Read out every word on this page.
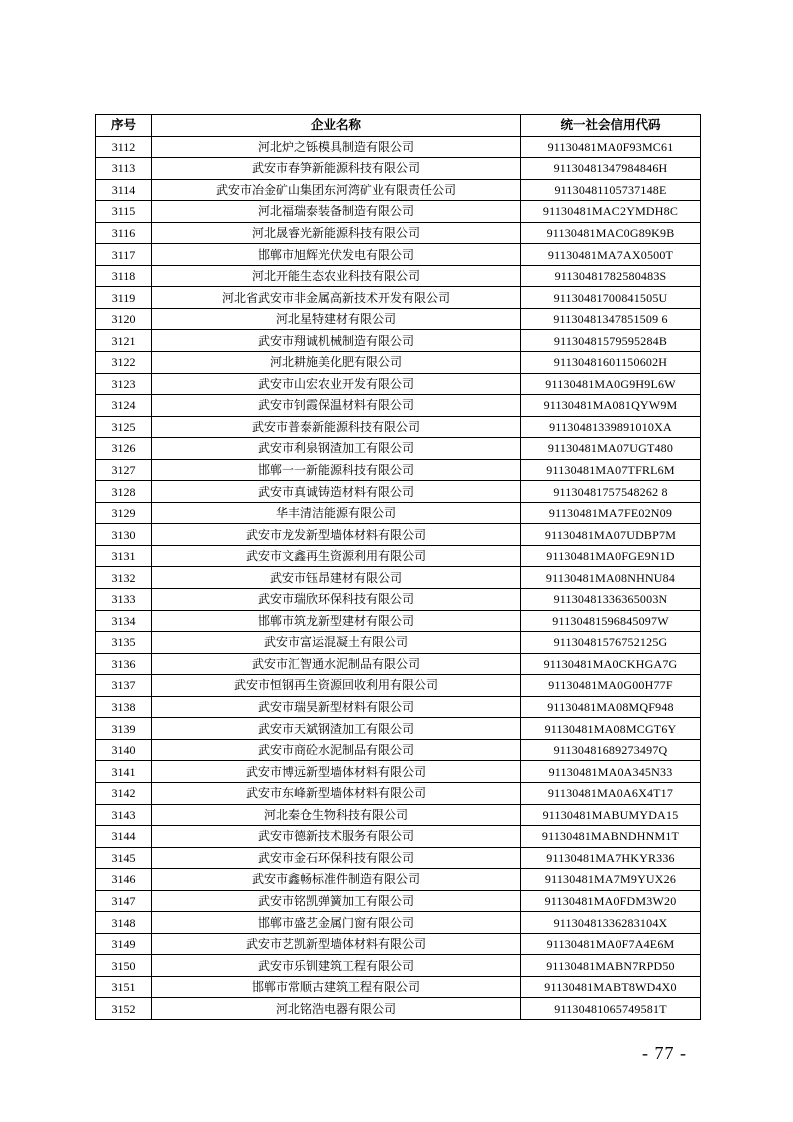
序号	企业名称	统一社会信用代码
3112	河北炉之铄模具制造有限公司	91130481MA0F93MC61
3113	武安市春笋新能源科技有限公司	91130481347984846H
3114	武安市冶金矿山集团东河湾矿业有限责任公司	91130481105737148E
3115	河北福瑞泰装备制造有限公司	91130481MAC2YMDH8C
3116	河北晟睿光新能源科技有限公司	91130481MAC0G89K9B
3117	邯郸市旭辉光伏发电有限公司	91130481MA7AX0500T
3118	河北开能生态农业科技有限公司	91130481782580483S
3119	河北省武安市非金属高新技术开发有限公司	91130481700841505U
3120	河北星特建材有限公司	91130481347851509 6
3121	武安市翔诚机械制造有限公司	91130481579595284B
3122	河北耕施美化肥有限公司	91130481601150602H
3123	武安市山宏农业开发有限公司	91130481MA0G9H9L6W
3124	武安市钊霞保温材料有限公司	91130481MA081QYW9M
3125	武安市普泰新能源科技有限公司	91130481339891010XA
3126	武安市利泉钢渣加工有限公司	91130481MA07UGT480
3127	邯郸一一新能源科技有限公司	91130481MA07TFRL6M
3128	武安市真诚铸造材料有限公司	91130481757548262 8
3129	华丰清洁能源有限公司	91130481MA7FE02N09
3130	武安市龙发新型墙体材料有限公司	91130481MA07UDBP7M
3131	武安市文鑫再生资源利用有限公司	91130481MA0FGE9N1D
3132	武安市钰昂建材有限公司	91130481MA08NHNU84
3133	武安市瑞欣环保科技有限公司	91130481336365003N
3134	邯郸市筑龙新型建材有限公司	91130481596845097W
3135	武安市富运混凝土有限公司	91130481576752125G
3136	武安市汇智通水泥制品有限公司	91130481MA0CKHGA7G
3137	武安市恒钢再生资源回收利用有限公司	91130481MA0G00H77F
3138	武安市瑞昊新型材料有限公司	91130481MA08MQF948
3139	武安市天斌钢渣加工有限公司	91130481MA08MCGT6Y
3140	武安市商砼水泥制品有限公司	91130481689273497Q
3141	武安市博远新型墙体材料有限公司	91130481MA0A345N33
3142	武安市东峰新型墙体材料有限公司	91130481MA0A6X4T17
3143	河北秦仓生物科技有限公司	91130481MABUMYDA15
3144	武安市德新技术服务有限公司	91130481MABNDHNM1T
3145	武安市金石环保科技有限公司	91130481MA7HKYR336
3146	武安市鑫畅标准件制造有限公司	91130481MA7M9YUX26
3147	武安市铭凯弹簧加工有限公司	91130481MA0FDM3W20
3148	邯郸市盛艺金属门窗有限公司	91130481336283104X
3149	武安市艺凯新型墙体材料有限公司	91130481MA0F7A4E6M
3150	武安市乐钏建筑工程有限公司	91130481MABN7RPD50
3151	邯郸市常顺古建筑工程有限公司	91130481MABT8WD4X0
3152	河北铭浩电器有限公司	91130481065749581T
- 77 -
